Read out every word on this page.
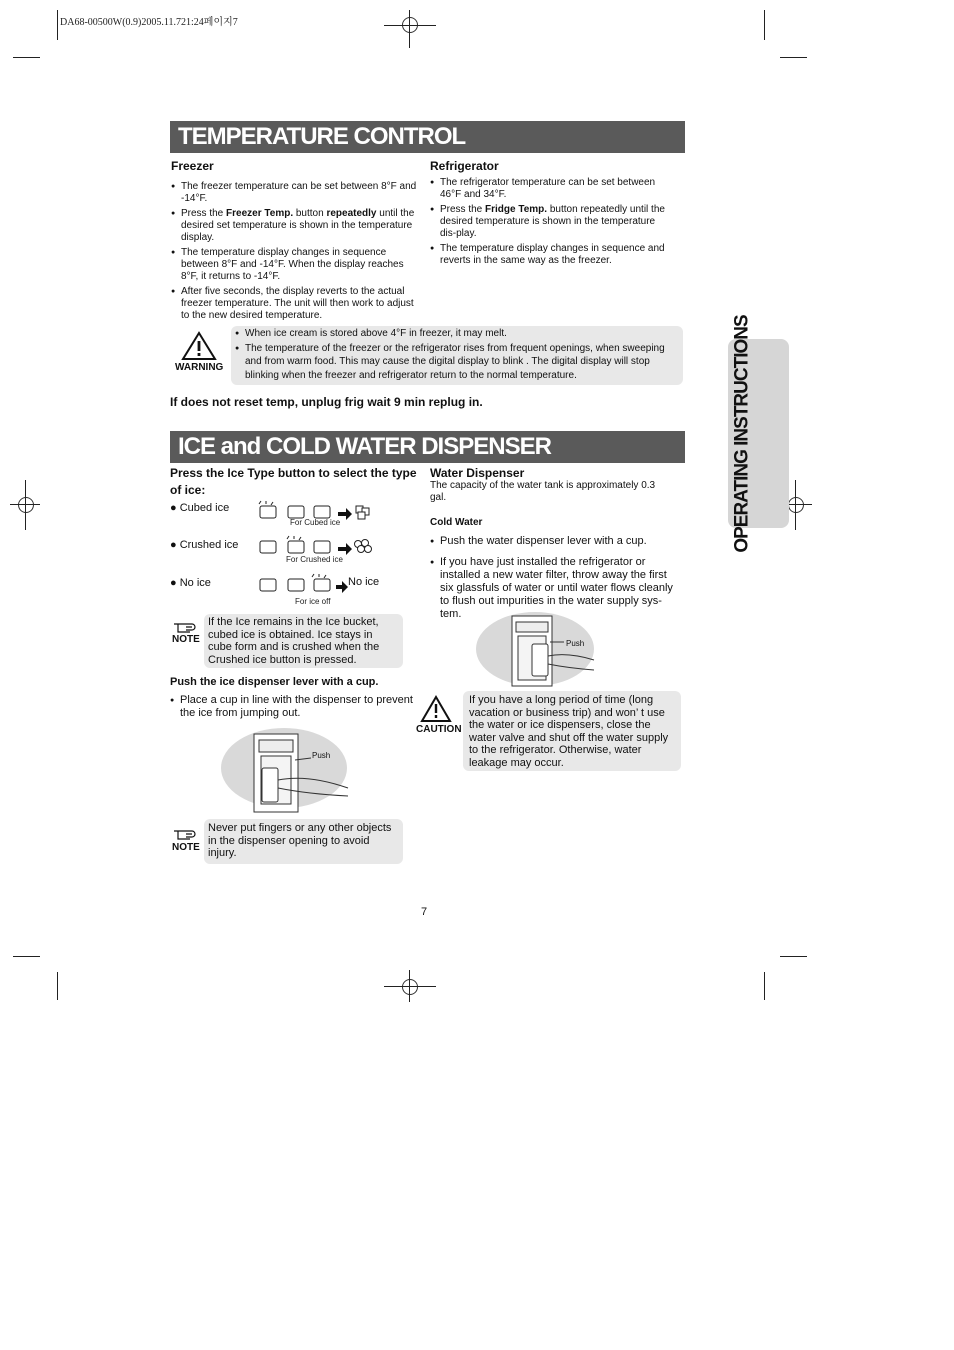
DA68-00500W(0.9)2005.11.721:24페이지7
OPERATING INSTRUCTIONS
TEMPERATURE CONTROL
Freezer
● The freezer temperature can be set between 8°F and -14°F.
● Press the Freezer Temp. button repeatedly until the desired set temperature is shown in the temperature display.
● The temperature display changes in sequence between 8°F and -14°F. When the display reaches 8°F, it returns to -14°F.
● After five seconds, the display reverts to the actual freezer temperature. The unit will then work to adjust to the new desired temperature.
Refrigerator
● The refrigerator temperature can be set between 46°F and 34°F.
● Press the Fridge Temp. button repeatedly until the desired temperature is shown in the temperature dis-play.
● The temperature display changes in sequence and reverts in the same way as the freezer.
WARNING
● When ice cream is stored above 4°F in freezer, it may melt.
● The temperature of the freezer or the refrigerator rises from frequent openings, when sweeping and from warm food. This may cause the digital display to blink . The digital display will stop blinking when the freezer and refrigerator return to the normal temperature.
If does not reset temp, unplug frig wait 9 min replug in.
ICE and COLD WATER DISPENSER
Press the Ice Type button to select the type of ice:
● Cubed ice
For Cubed ice
● Crushed ice
For Crushed ice
● No ice	No ice
For ice off
NOTE
If the Ice remains in the Ice bucket, cubed ice is obtained. Ice stays in cube form and is crushed when the Crushed ice button is pressed.
Push the ice dispenser lever with a cup.
● Place a cup in line with the dispenser to prevent the ice from jumping out.
Push
NOTE
Never put fingers or any other objects in the dispenser opening to avoid injury.
Water Dispenser
The capacity of the water tank is approximately 0.3 gal.
Cold Water
● Push the water dispenser lever with a cup.
● If you have just installed the refrigerator or installed a new water filter, throw away the first six glassfuls of water or until water flows cleanly to flush out impurities in the water supply sys-tem.
Push
CAUTION
If you have a long period of time (long vacation or business trip) and won’ t use the water or ice dispensers, close the water valve and shut off the water supply to the refrigerator. Otherwise, water leakage may occur.
7
